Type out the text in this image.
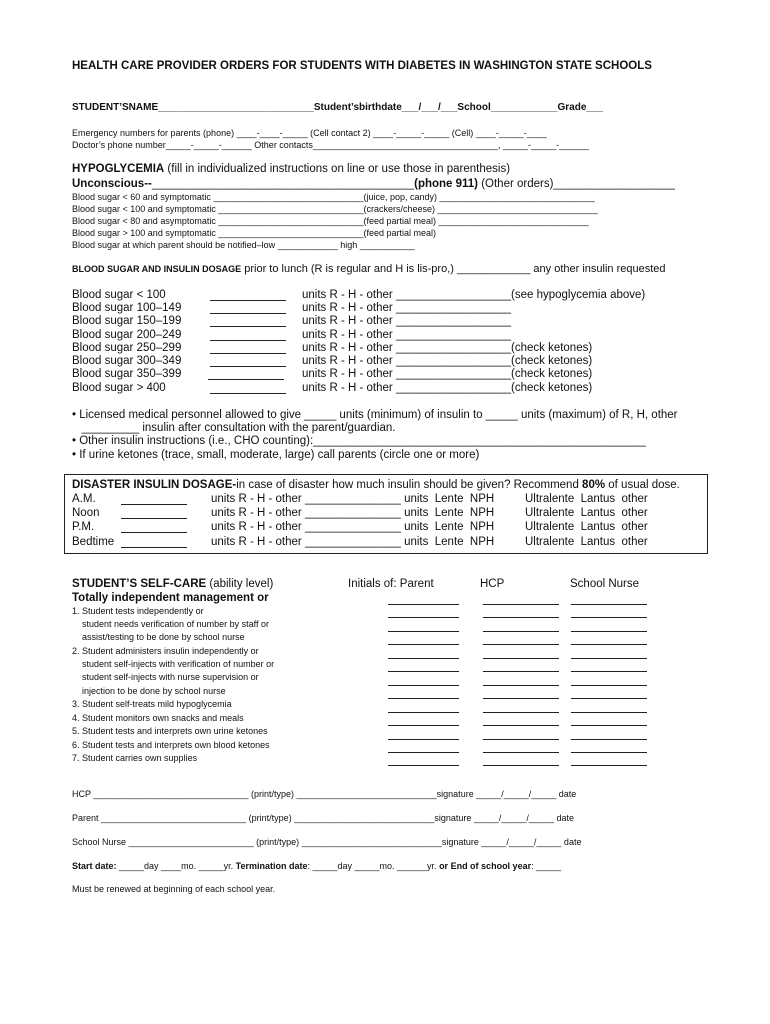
HEALTH CARE PROVIDER ORDERS FOR STUDENTS WITH DIABETES IN WASHINGTON STATE SCHOOLS
STUDENT’SNAME____________________________Student’sbirthdate___/___/___School____________Grade___
Emergency numbers for parents (phone) ____-____-_____ (Cell contact 2) ____-_____-_____ (Cell) ____-_____-____
Doctor’s phone number_____-_____-______ Other contacts_____________________________________, _____-_____-______
HYPOGLYCEMIA (fill in individualized instructions on line or use those in parenthesis)
Unconscious--_________________________________________(phone 911) (Other orders)___________________
Blood sugar < 60 and symptomatic ______________________________(juice, pop, candy) _______________________________
Blood sugar < 100 and symptomatic _____________________________(crackers/cheese) ________________________________
Blood sugar < 80 and asymptomatic _____________________________(feed partial meal) ______________________________
Blood sugar > 100 and symptomatic _____________________________(feed partial meal)
Blood sugar at which parent should be notified–low ____________ high ___________
BLOOD SUGAR AND INSULIN DOSAGE prior to lunch (R is regular and H is lis-pro,) ____________ any other insulin requested
Blood sugar < 100	units R - H - other __________________ (see hypoglycemia above)
Blood sugar 100–149	units R - H - other __________________
Blood sugar 150–199	units R - H - other __________________
Blood sugar 200–249	units R - H - other __________________
Blood sugar 250–299	units R - H - other __________________ (check ketones)
Blood sugar 300–349	units R - H - other __________________ (check ketones)
Blood sugar 350–399	units R - H - other __________________ (check ketones)
Blood sugar > 400	units R - H - other __________________ (check ketones)
• Licensed medical personnel allowed to give _____ units (minimum) of insulin to _____ units (maximum) of R, H, other
_________ insulin after consultation with the parent/guardian.
• Other insulin instructions (i.e., CHO counting):____________________________________________________
• If urine ketones (trace, small, moderate, large) call parents (circle one or more)
DISASTER INSULIN DOSAGE-in case of disaster how much insulin should be given? Recommend 80% of usual dose.
A.M.	units R - H - other _______________ units  Lente  NPH	Ultralente  Lantus  other
Noon	units R - H - other _______________ units  Lente  NPH	Ultralente  Lantus  other
P.M.	units R - H - other _______________ units  Lente  NPH	Ultralente  Lantus  other
Bedtime	units R - H - other _______________ units  Lente  NPH	Ultralente  Lantus  other
STUDENT’S SELF-CARE (ability level)	Initials of: Parent	HCP	School Nurse
Totally independent management or
1. Student tests independently or
student needs verification of number by staff or
assist/testing to be done by school nurse
2. Student administers insulin independently or
student self-injects with verification of number or
student self-injects with nurse supervision or
injection to be done by school nurse
3. Student self-treats mild hypoglycemia
4. Student monitors own snacks and meals
5. Student tests and interprets own urine ketones
6. Student tests and interprets own blood ketones
7. Student carries own supplies
HCP _______________________________ (print/type) ____________________________signature _____/_____/_____ date
Parent _____________________________ (print/type) ____________________________signature _____/_____/_____ date
School Nurse _________________________ (print/type) ____________________________signature _____/_____/_____ date
Start date: _____day ____mo. _____yr. Termination date: _____day _____mo. ______yr. or End of school year: _____
Must be renewed at beginning of each school year.
